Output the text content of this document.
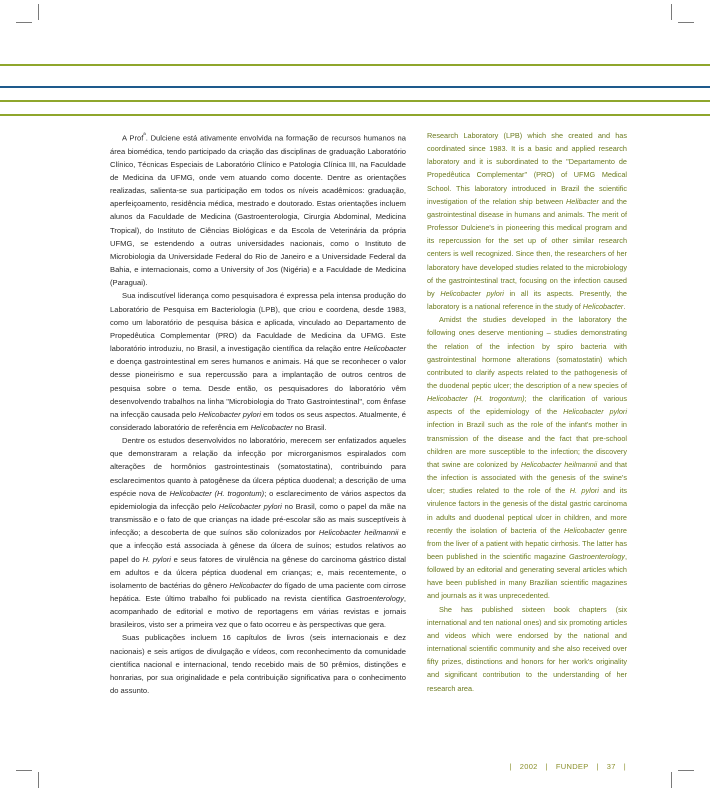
A Prof$^ª$. Dulciene está ativamente envolvida na formação de recursos humanos na área biomédica, tendo participado da criação das disciplinas de graduação Laboratório Clínico, Técnicas Especiais de Laboratório Clínico e Patologia Clínica III, na Faculdade de Medicina da UFMG, onde vem atuando como docente. Dentre as orientações realizadas, salienta-se sua participação em todos os níveis acadêmicos: graduação, aperfeiçoamento, residência médica, mestrado e doutorado. Estas orientações incluem alunos da Faculdade de Medicina (Gastroenterologia, Cirurgia Abdominal, Medicina Tropical), do Instituto de Ciências Biológicas e da Escola de Veterinária da própria UFMG, se estendendo a outras universidades nacionais, como o Instituto de Microbiologia da Universidade Federal do Rio de Janeiro e a Universidade Federal da Bahia, e internacionais, como a University of Jos (Nigéria) e a Faculdade de Medicina (Paraguai).

Sua indiscutível liderança como pesquisadora é expressa pela intensa produção do Laboratório de Pesquisa em Bacteriologia (LPB), que criou e coordena, desde 1983, como um laboratório de pesquisa básica e aplicada, vinculado ao Departamento de Propedêutica Complementar (PRO) da Faculdade de Medicina da UFMG. Este laboratório introduziu, no Brasil, a investigação científica da relação entre Helicobacter e doença gastrointestinal em seres humanos e animais. Há que se reconhecer o valor desse pioneirismo e sua repercussão para a implantação de outros centros de pesquisa sobre o tema. Desde então, os pesquisadores do laboratório vêm desenvolvendo trabalhos na linha "Microbiologia do Trato Gastrointestinal", com ênfase na infecção causada pelo Helicobacter pylori em todos os seus aspectos. Atualmente, é considerado laboratório de referência em Helicobacter no Brasil.

Dentre os estudos desenvolvidos no laboratório, merecem ser enfatizados aqueles que demonstraram a relação da infecção por microrganismos espiralados com alterações de hormônios gastrointestinais (somatostatina), contribuindo para esclarecimentos quanto à patogênese da úlcera péptica duodenal; a descrição de uma espécie nova de Helicobacter (H. trogontum); o esclarecimento de vários aspectos da epidemiologia da infecção pelo Helicobacter pylori no Brasil, como o papel da mãe na transmissão e o fato de que crianças na idade pré-escolar são as mais susceptíveis à infecção; a descoberta de que suínos são colonizados por Helicobacter heilmannii e que a infecção está associada à gênese da úlcera de suínos; estudos relativos ao papel do H. pylori e seus fatores de virulência na gênese do carcinoma gástrico distal em adultos e da úlcera péptica duodenal em crianças; e, mais recentemente, o isolamento de bactérias do gênero Helicobacter do fígado de uma paciente com cirrose hepática. Este último trabalho foi publicado na revista científica Gastroenterology, acompanhado de editorial e motivo de reportagens em várias revistas e jornais brasileiros, visto ser a primeira vez que o fato ocorreu e às perspectivas que gera.

Suas publicações incluem 16 capítulos de livros (seis internacionais e dez nacionais) e seis artigos de divulgação e vídeos, com reconhecimento da comunidade científica nacional e internacional, tendo recebido mais de 50 prêmios, distinções e honrarias, por sua originalidade e pela contribuição significativa para o conhecimento do assunto.

Research Laboratory (LPB) which she created and has coordinated since 1983. It is a basic and applied research laboratory and it is subordinated to the "Departamento de Propedêutica Complementar" (PRO) of UFMG Medical School. This laboratory introduced in Brazil the scientific investigation of the relation ship between Helibacter and the gastrointestinal disease in humans and animals. The merit of Professor Dulciene's in pioneering this medical program and its repercussion for the set up of other similar research centers is well recognized. Since then, the researchers of her laboratory have developed studies related to the microbiology of the gastrointestinal tract, focusing on the infection caused by Helicobacter pylori in all its aspects. Presently, the laboratory is a national reference in the study of Helicobacter.

Amidst the studies developed in the laboratory the following ones deserve mentioning – studies demonstrating the relation of the infection by spiro bacteria with gastrointestinal hormone alterations (somatostatin) which contributed to clarify aspects related to the pathogenesis of the duodenal peptic ulcer; the description of a new species of Helicobacter (H. trogontum); the clarification of various aspects of the epidemiology of the Helicobacter pylori infection in Brazil such as the role of the infant's mother in transmission of the disease and the fact that pre-school children are more susceptible to the infection; the discovery that swine are colonized by Helicobacter heilmannii and that the infection is associated with the genesis of the swine's ulcer; studies related to the role of the H. pylori and its virulence factors in the genesis of the distal gastric carcinoma in adults and duodenal peptical ulcer in children, and more recently the isolation of bacteria of the Helicobacter genre from the liver of a patient with hepatic cirrhosis. The latter has been published in the scientific magazine Gastroenterology, followed by an editorial and generating several articles which have been published in many Brazilian scientific magazines and journals as it was unprecedented.

She has published sixteen book chapters (six international and ten national ones) and six promoting articles and videos which were endorsed by the national and international scientific community and she also received over fifty prizes, distinctions and honors for her work's originality and significant contribution to the understanding of her research area.

| 2002 | FUNDEP | 37 |
